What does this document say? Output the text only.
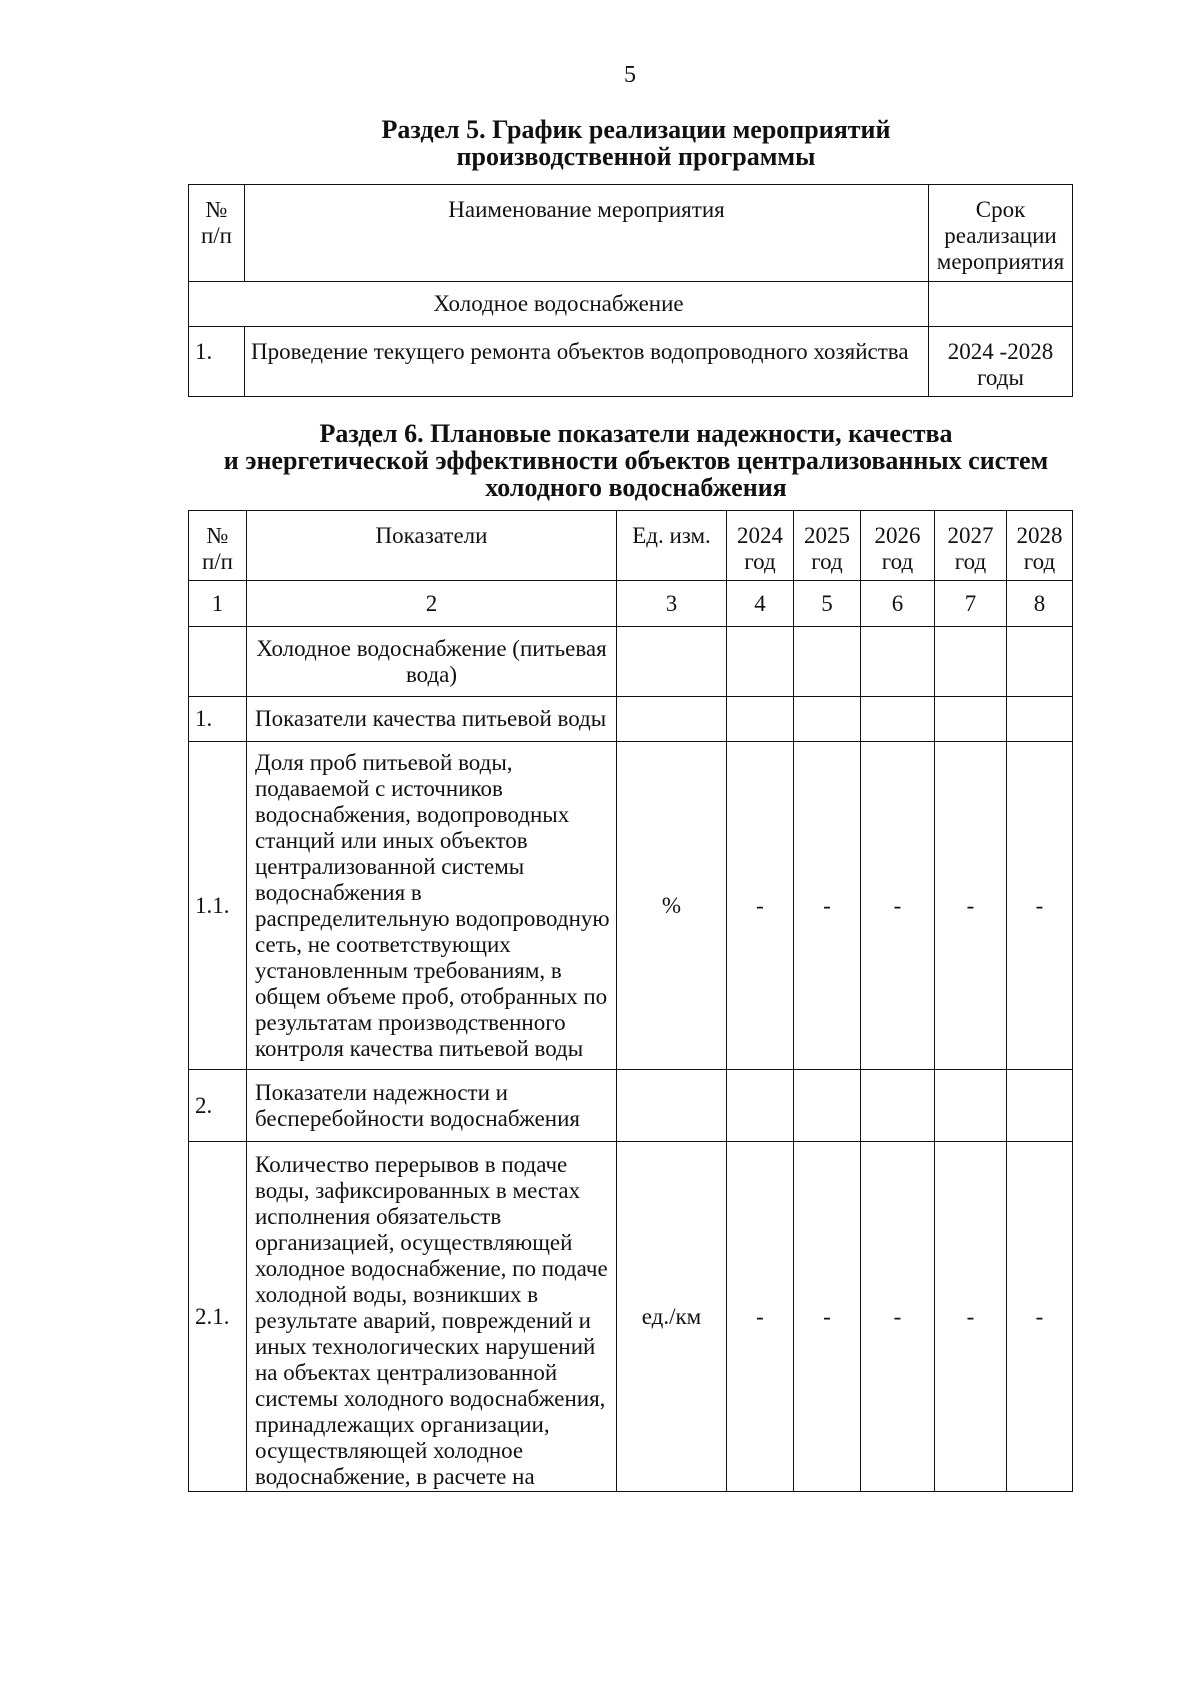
5
Раздел 5. График реализации мероприятий
производственной программы
№ п/п	Наименование мероприятия	Срок реализации мероприятия
Холодное водоснабжение		
1.	Проведение текущего ремонта объектов водопроводного хозяйства	2024 -2028
годы
Раздел 6. Плановые показатели надежности, качества
и энергетической эффективности объектов централизованных систем
холодного водоснабжения
№ п/п	Показатели	Ед. изм.	2024 год	2025 год	2026 год	2027 год	2028 год
1	2	3	4	5	6	7	8
	Холодное водоснабжение (питьевая вода)						
1.	Показатели качества питьевой воды						
1.1.	Доля проб питьевой воды, подаваемой с источников водоснабжения, водопроводных станций или иных объектов централизованной системы водоснабжения в распределительную водопроводную сеть, не соответствующих установленным требованиям, в общем объеме проб, отобранных по результатам производственного контроля качества питьевой воды	%	-	-	-	-	-
2.	Показатели надежности и бесперебойности водоснабжения						
2.1.	Количество перерывов в подаче воды, зафиксированных в местах исполнения обязательств организацией, осуществляющей холодное водоснабжение, по подаче холодной воды, возникших в результате аварий, повреждений и иных технологических нарушений на объектах централизованной системы холодного водоснабжения, принадлежащих организации, осуществляющей холодное водоснабжение, в расчете на	ед./км	-	-	-	-	-
